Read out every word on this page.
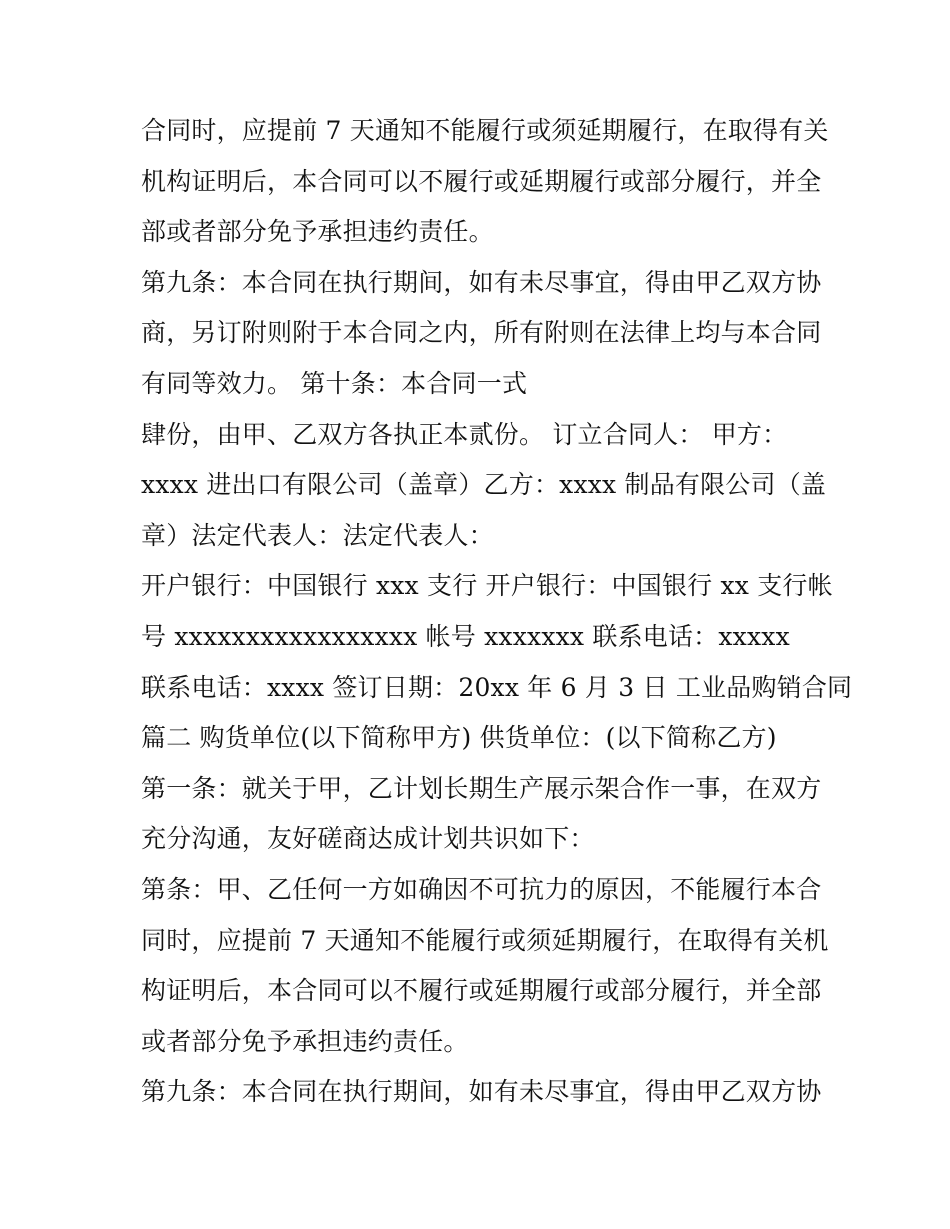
合同时，应提前 7 天通知不能履行或须延期履行，在取得有关
机构证明后，本合同可以不履行或延期履行或部分履行，并全
部或者部分免予承担违约责任。
第九条：本合同在执行期间，如有未尽事宜，得由甲乙双方协
商，另订附则附于本合同之内，所有附则在法律上均与本合同
有同等效力。 第十条：本合同一式
肆份，由甲、乙双方各执正本贰份。 订立合同人： 甲方：
xxxx 进出口有限公司（盖章）乙方：xxxx 制品有限公司（盖
章）法定代表人：法定代表人：
开户银行：中国银行 xxx 支行 开户银行：中国银行 xx 支行帐
号 xxxxxxxxxxxxxxxxx 帐号 xxxxxxx 联系电话：xxxxx
联系电话：xxxx 签订日期：20xx 年 6 月 3 日 工业品购销合同
篇二 购货单位(以下简称甲方) 供货单位：(以下简称乙方)
第一条：就关于甲，乙计划长期生产展示架合作一事，在双方
充分沟通，友好磋商达成计划共识如下：
第条：甲、乙任何一方如确因不可抗力的原因，不能履行本合
同时，应提前 7 天通知不能履行或须延期履行，在取得有关机
构证明后，本合同可以不履行或延期履行或部分履行，并全部
或者部分免予承担违约责任。
第九条：本合同在执行期间，如有未尽事宜，得由甲乙双方协
